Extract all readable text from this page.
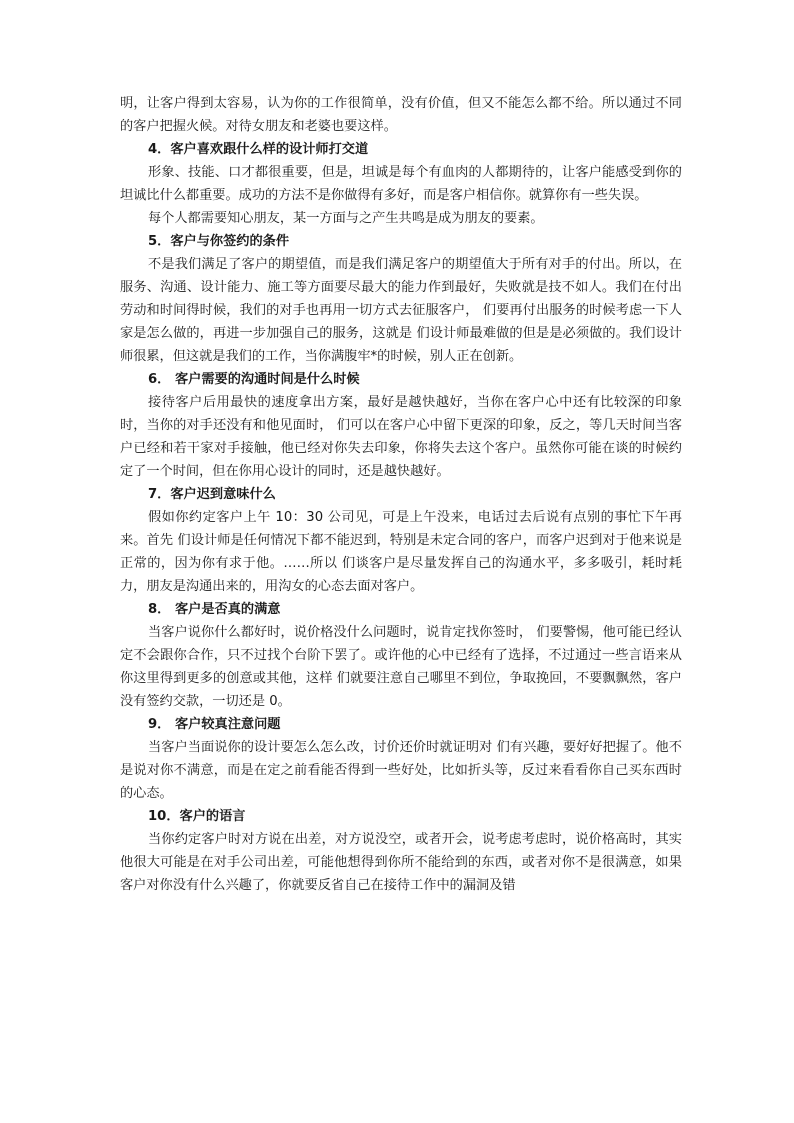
明，让客户得到太容易，认为你的工作很简单，没有价值，但又不能怎么都不给。所以通过不同的客户把握火候。对待女朋友和老婆也要这样。

4．客户喜欢跟什么样的设计师打交道

形象、技能、口才都很重要，但是，坦诚是每个有血肉的人都期待的，让客户能感受到你的坦诚比什么都重要。成功的方法不是你做得有多好，而是客户相信你。就算你有一些失误。

每个人都需要知心朋友，某一方面与之产生共鸣是成为朋友的要素。

5．客户与你签约的条件

不是我们满足了客户的期望值，而是我们满足客户的期望值大于所有对手的付出。所以，在服务、沟通、设计能力、施工等方面要尽最大的能力作到最好，失败就是技不如人。我们在付出劳动和时间得时候，我们的对手也再用一切方式去征服客户， 们要再付出服务的时候考虑一下人家是怎么做的，再进一步加强自己的服务，这就是 们设计师最难做的但是是必须做的。我们设计师很累，但这就是我们的工作，当你满腹牢*的时候，别人正在创新。

6． 客户需要的沟通时间是什么时候

接待客户后用最快的速度拿出方案，最好是越快越好，当你在客户心中还有比较深的印象时，当你的对手还没有和他见面时， 们可以在客户心中留下更深的印象，反之，等几天时间当客户已经和若干家对手接触，他已经对你失去印象，你将失去这个客户。虽然你可能在谈的时候约定了一个时间，但在你用心设计的同时，还是越快越好。

7．客户迟到意味什么

假如你约定客户上午 10：30 公司见，可是上午没来，电话过去后说有点别的事忙下午再来。首先 们设计师是任何情况下都不能迟到，特别是未定合同的客户，而客户迟到对于他来说是正常的，因为你有求于他。……所以 们谈客户是尽量发挥自己的沟通水平，多多吸引，耗时耗力，朋友是沟通出来的，用沟女的心态去面对客户。

8． 客户是否真的满意

当客户说你什么都好时，说价格没什么问题时，说肯定找你签时， 们要警惕，他可能已经认定不会跟你合作，只不过找个台阶下罢了。或许他的心中已经有了选择，不过通过一些言语来从你这里得到更多的创意或其他，这样 们就要注意自己哪里不到位，争取挽回，不要飘飘然，客户没有签约交款，一切还是 0。

9． 客户较真注意问题

当客户当面说你的设计要怎么怎么改，讨价还价时就证明对 们有兴趣，要好好把握了。他不是说对你不满意，而是在定之前看能否得到一些好处，比如折头等，反过来看看你自己买东西时的心态。

10．客户的语言

当你约定客户时对方说在出差，对方说没空，或者开会，说考虑考虑时，说价格高时，其实他很大可能是在对手公司出差，可能他想得到你所不能给到的东西，或者对你不是很满意，如果客户对你没有什么兴趣了，你就要反省自己在接待工作中的漏洞及错
